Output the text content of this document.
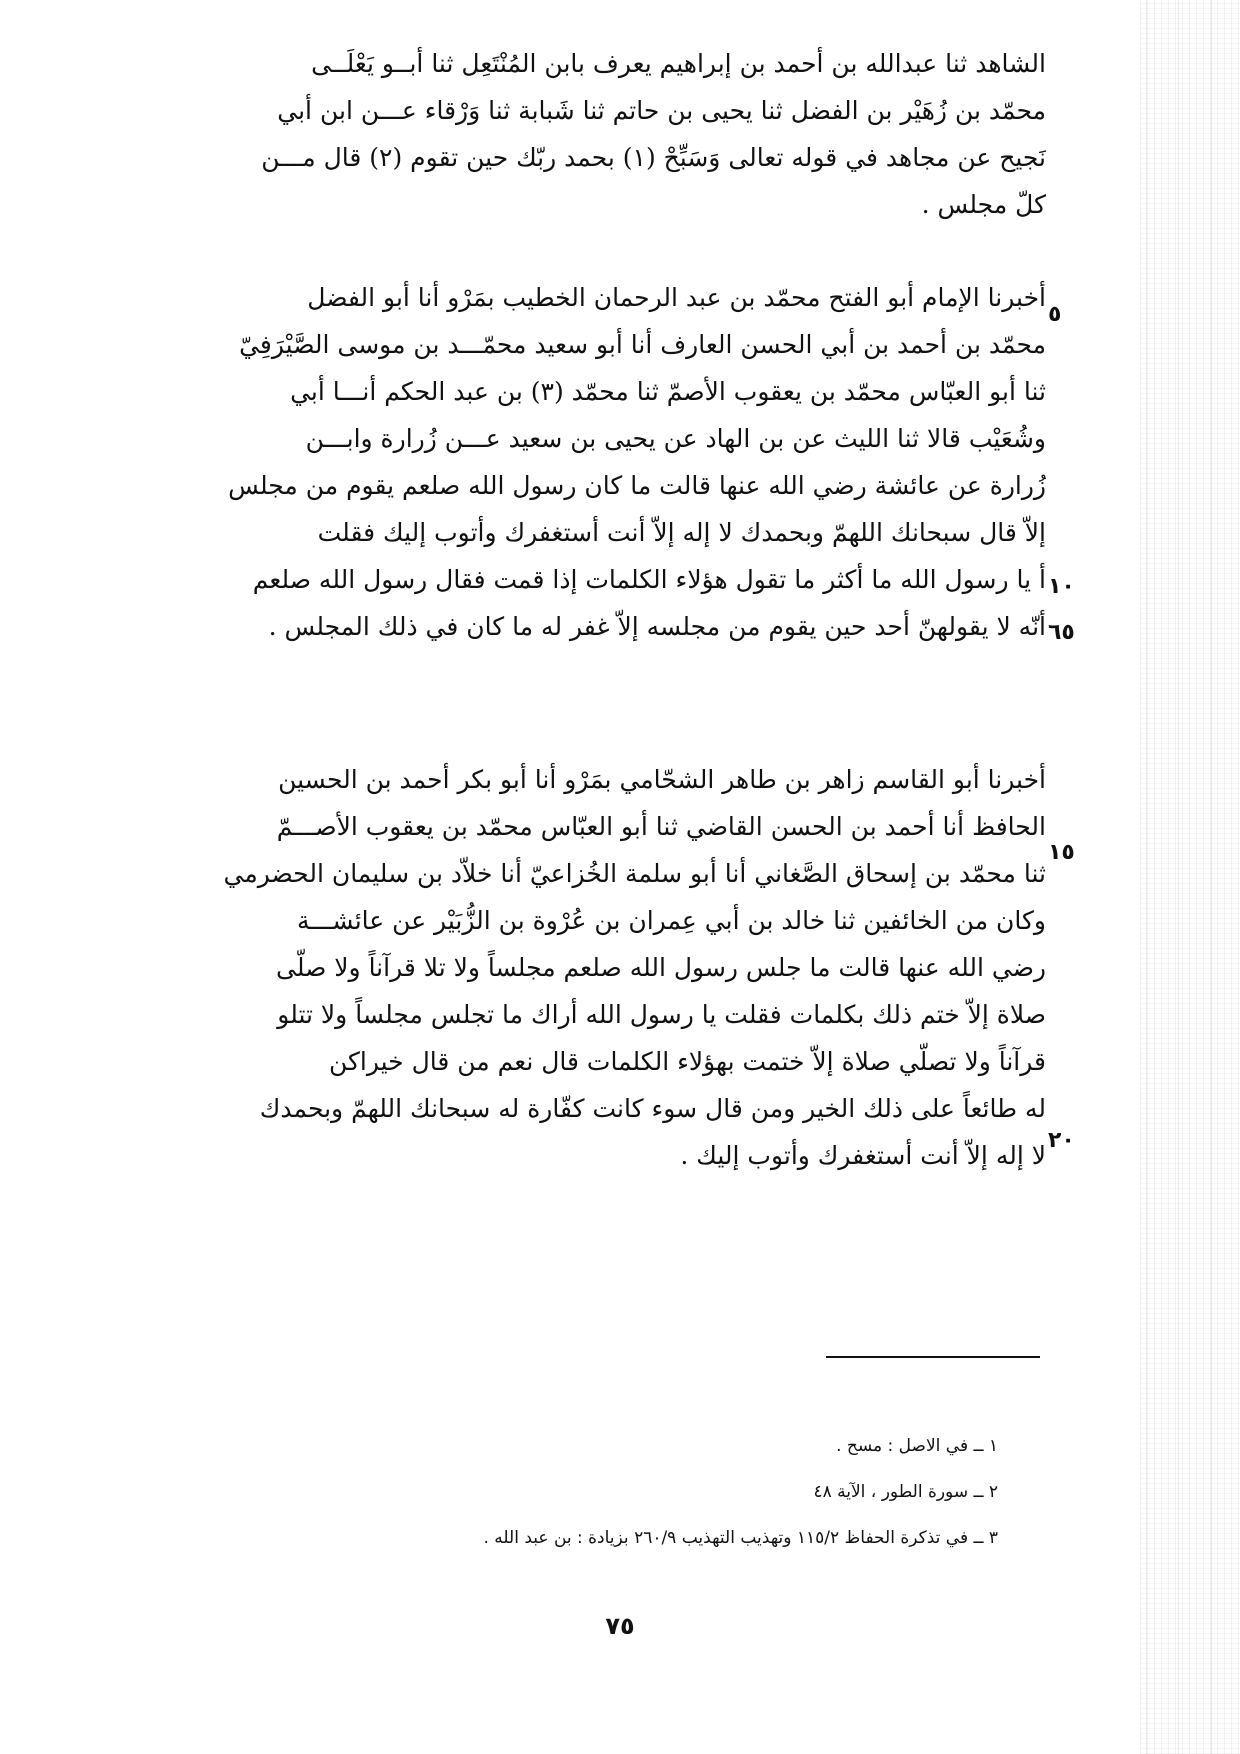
الشاهد ثنا عبدالله بن أحمد بن إبراهيم يعرف بابن المُنْتَعِل ثنا أبــو يَعْلَــى
محمّد بن زُهَيْر بن الفضل ثنا يحيى بن حاتم ثنا شَبابة ثنا وَرْقاء عـــن ابن أبي
نَجيح عن مجاهد في قوله تعالى وَسَبِّحْ (١) بحمد ربّك حين تقوم (٢) قال مـــن
كلّ مجلس .
أخبرنا الإمام أبو الفتح محمّد بن عبد الرحمان الخطيب بمَرْو أنا أبو الفضل
محمّد بن أحمد بن أبي الحسن العارف أنا أبو سعيد محمّـــد بن موسى الصَّيْرَفِيّ
ثنا أبو العبّاس محمّد بن يعقوب الأصمّ ثنا محمّد (٣) بن عبد الحكم أنـــا أبي
وشُعَيْب قالا ثنا الليث عن بن الهاد عن يحيى بن سعيد عـــن زُرارة وابـــن
زُرارة عن عائشة رضي الله عنها قالت ما كان رسول الله صلعم يقوم من مجلس
إلاّ قال سبحانك اللهمّ وبحمدك لا إله إلاّ أنت أستغفرك وأتوب إليك فقلت
أ يا رسول الله ما أكثر ما تقول هؤلاء الكلمات إذا قمت فقال رسول الله صلعم
أنّه لا يقولهنّ أحد حين يقوم من مجلسه إلاّ غفر له ما كان في ذلك المجلس .
أخبرنا أبو القاسم زاهر بن طاهر الشحّامي بمَرْو أنا أبو بكر أحمد بن الحسين
الحافظ أنا أحمد بن الحسن القاضي ثنا أبو العبّاس محمّد بن يعقوب الأصـــمّ
ثنا محمّد بن إسحاق الصَّغاني أنا أبو سلمة الخُزاعيّ أنا خلاّد بن سليمان الحضرمي
وكان من الخائفين ثنا خالد بن أبي عِمران بن عُرْوة بن الزُّبَيْر عن عائشـــة
رضي الله عنها قالت ما جلس رسول الله صلعم مجلساً ولا تلا قرآناً ولا صلّى
صلاة إلاّ ختم ذلك بكلمات فقلت يا رسول الله أراك ما تجلس مجلساً ولا تتلو
قرآناً ولا تصلّي صلاة إلاّ ختمت بهؤلاء الكلمات قال نعم من قال خيراكن
له طائعاً على ذلك الخير ومن قال سوء كانت كفّارة له سبحانك اللهمّ وبحمدك
لا إله إلاّ أنت أستغفرك وأتوب إليك .
٥
١٠
٦٥
١٥
٢٠
١ ــ في الاصل : مسح .
٢ ــ سورة الطور ، الآية ٤٨
٣ ــ في تذكرة الحفاظ ١١٥/٢ وتهذيب التهذيب ٢٦٠/٩ بزيادة : بن عبد الله .
٧٥
